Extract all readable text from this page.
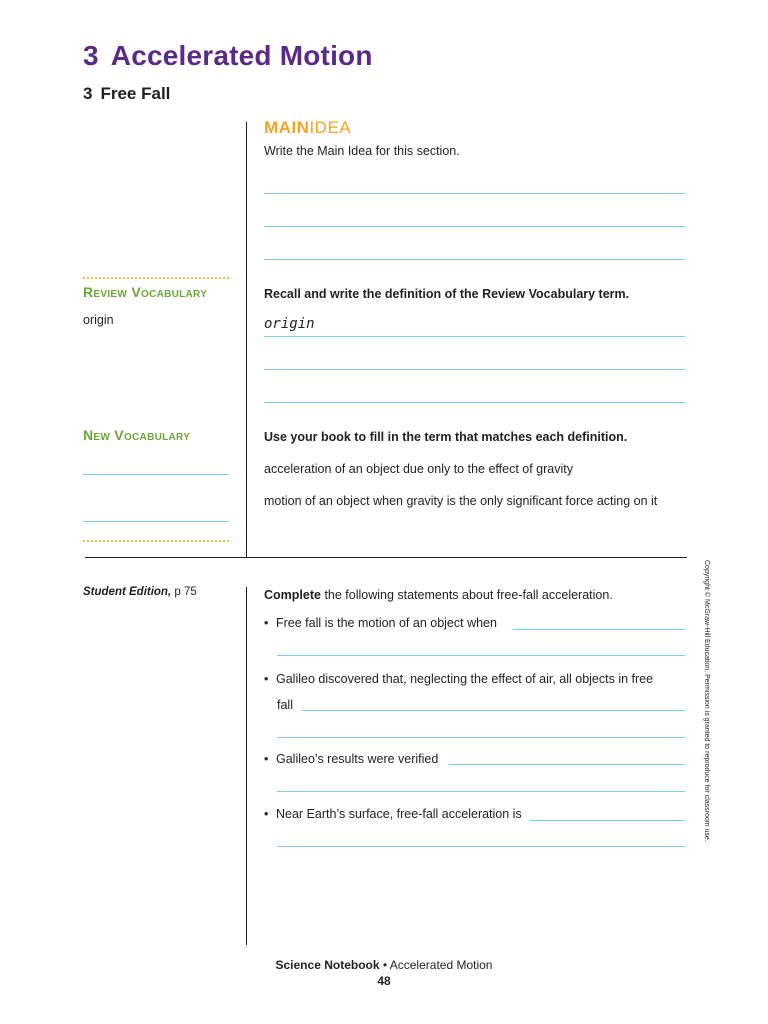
3 Accelerated Motion
3 Free Fall
MAINIDEA
Write the Main Idea for this section.
Review Vocabulary
origin
Recall and write the definition of the Review Vocabulary term.
origin
New Vocabulary	Use your book to fill in the term that matches each definition.
acceleration of an object due only to the effect of gravity
motion of an object when gravity is the only significant force acting on it
Student Edition, p 75	Complete the following statements about free-fall acceleration.
• Free fall is the motion of an object when
• Galileo discovered that, neglecting the effect of air, all objects in free
fall
• Galileo’s results were verified
• Near Earth’s surface, free-fall acceleration is	Copyright © McGraw-Hill Education. Permission is granted to reproduce for classroom use.
Science Notebook • Accelerated Motion
48
